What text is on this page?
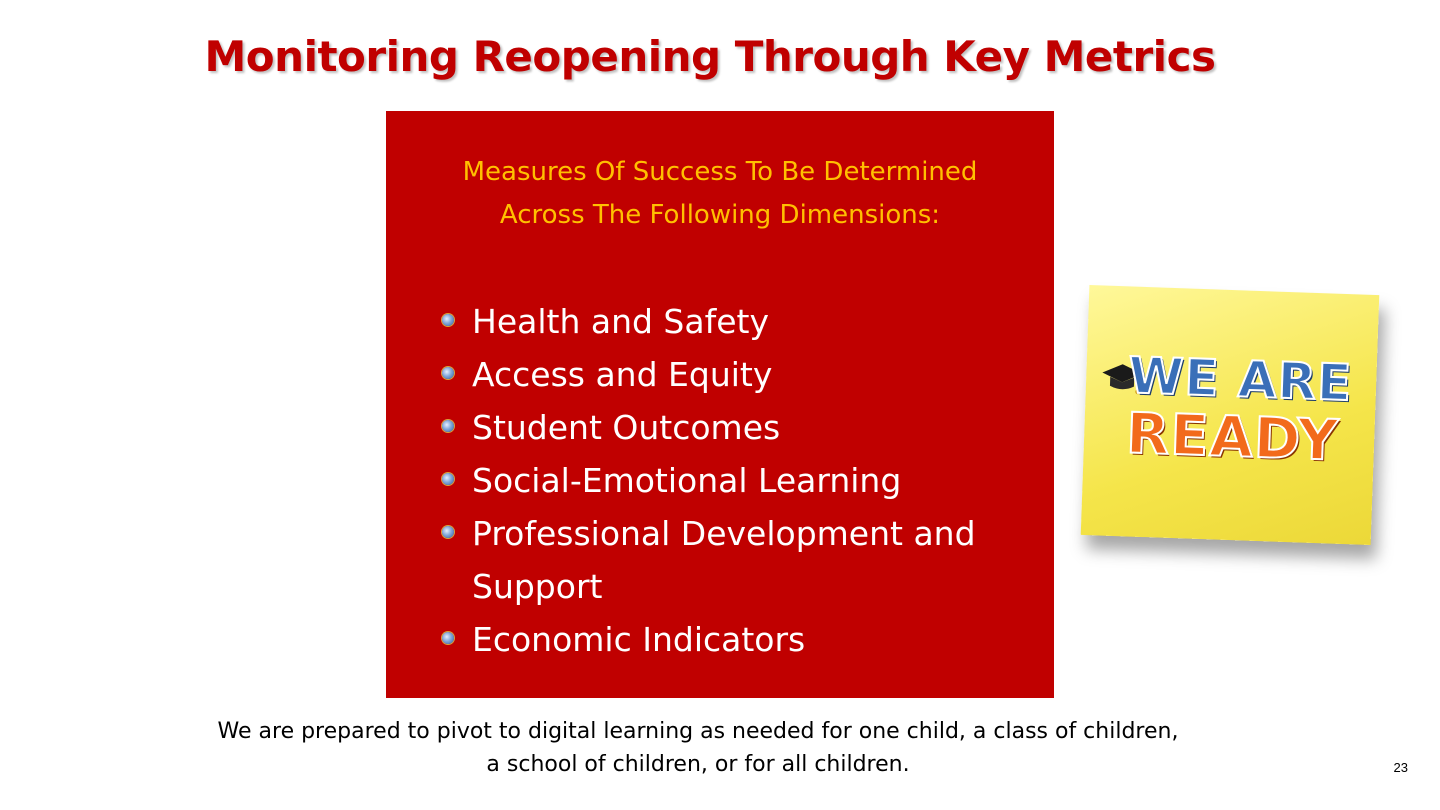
Monitoring Reopening Through Key Metrics
Measures Of Success To Be Determined
Across The Following Dimensions:
Health and Safety
Access and Equity
Student Outcomes
Social-Emotional Learning
Professional Development and Support
Economic Indicators
WE ARE
READY
We are prepared to pivot to digital learning as needed for one child, a class of children,
a school of children, or for all children.	23
